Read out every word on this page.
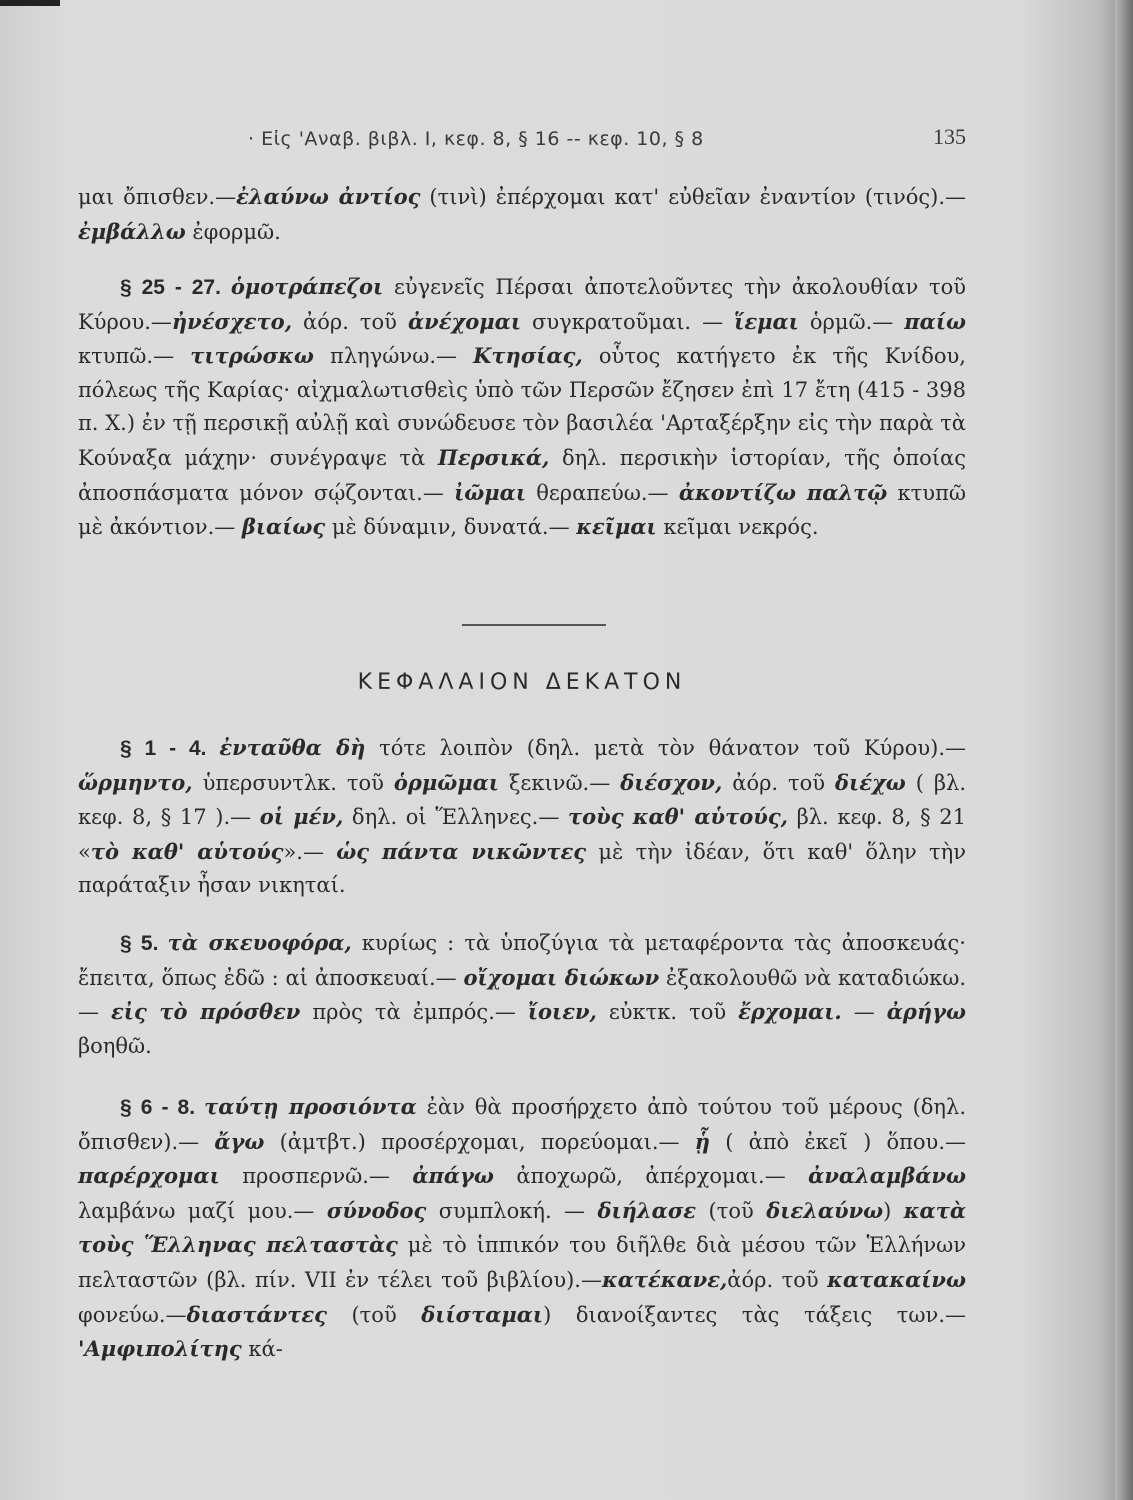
· Εἰς 'Αναβ. βιβλ. Ι, κεφ. 8, § 16 -- κεφ. 10, § 8	135

μαι ὄπισθεν.—ἐλαύνω ἀντίος (τινὶ) ἐπέρχομαι κατ' εὐθεῖαν ἐναντίον (τινός).— ἐμβάλλω ἐφορμῶ.

§ 25 - 27. ὁμοτράπεζοι εὐγενεῖς Πέρσαι ἀποτελοῦντες τὴν ἀκολουθίαν τοῦ Κύρου.—ἠνέσχετο, ἀόρ. τοῦ ἀνέχομαι συγκρατοῦμαι. — ἵεμαι ὁρμῶ.— παίω κτυπῶ.— τιτρώσκω πληγώνω.— Κτησίας, οὗτος κατήγετο ἐκ τῆς Κνίδου, πόλεως τῆς Καρίας· αἰχμαλωτισθεὶς ὑπὸ τῶν Περσῶν ἔζησεν ἐπὶ 17 ἔτη (415 - 398 π. Χ.) ἐν τῇ περσικῇ αὐλῇ καὶ συνώδευσε τὸν βασιλέα 'Αρταξέρξην εἰς τὴν παρὰ τὰ Κούναξα μάχην· συνέγραψε τὰ Περσικά, δηλ. περσικὴν ἱστορίαν, τῆς ὁποίας ἀποσπάσματα μόνον σῴζονται.— ἰῶμαι θεραπεύω.— ἀκοντίζω παλτῷ κτυπῶ μὲ ἀκόντιον.— βιαίως μὲ δύναμιν, δυνατά.— κεῖμαι κεῖμαι νεκρός.

ΚΕΦΑΛΑΙΟΝ ΔΕΚΑΤΟΝ

§ 1 - 4. ἐνταῦθα δὴ τότε λοιπὸν (δηλ. μετὰ τὸν θάνατον τοῦ Κύρου).— ὥρμηντο, ὑπερσυντλκ. τοῦ ὁρμῶμαι ξεκινῶ.— διέσχον, ἀόρ. τοῦ διέχω ( βλ. κεφ. 8, § 17 ).— οἱ μέν, δηλ. οἱ Ἕλληνες.— τοὺς καθ' αὑτούς, βλ. κεφ. 8, § 21 «τὸ καθ' αὑτούς».— ὡς πάντα νικῶντες μὲ τὴν ἰδέαν, ὅτι καθ' ὅλην τὴν παράταξιν ἦσαν νικηταί.

§ 5. τὰ σκευοφόρα, κυρίως : τὰ ὑποζύγια τὰ μεταφέροντα τὰς ἀποσκευάς· ἔπειτα, ὅπως ἐδῶ : αἱ ἀποσκευαί.— οἴχομαι διώκων ἐξακολουθῶ νὰ καταδιώκω.— εἰς τὸ πρόσθεν πρὸς τὰ ἐμπρός.— ἴοιεν, εὐκτκ. τοῦ ἔρχομαι. — ἀρήγω βοηθῶ.

§ 6 - 8. ταύτῃ προσιόντα ἐὰν θὰ προσήρχετο ἀπὸ τούτου τοῦ μέρους (δηλ. ὄπισθεν).— ἄγω (ἀμτβτ.) προσέρχομαι, πορεύομαι.— ᾗ ( ἀπὸ ἐκεῖ ) ὅπου.— παρέρχομαι προσπερνῶ.— ἀπάγω ἀποχωρῶ, ἀπέρχομαι.— ἀναλαμβάνω λαμβάνω μαζί μου.— σύνοδος συμπλοκή. — διήλασε (τοῦ διελαύνω) κατὰ τοὺς Ἕλληνας πελταστὰς μὲ τὸ ἱππικόν του διῆλθε διὰ μέσου τῶν Ἑλλήνων πελταστῶν (βλ. πίν. VII ἐν τέλει τοῦ βιβλίου).—κατέκανε,ἀόρ. τοῦ κατακαίνω φονεύω.—διαστάντες (τοῦ διίσταμαι) διανοίξαντες τὰς τάξεις των.— 'Αμφιπολίτης κά-
